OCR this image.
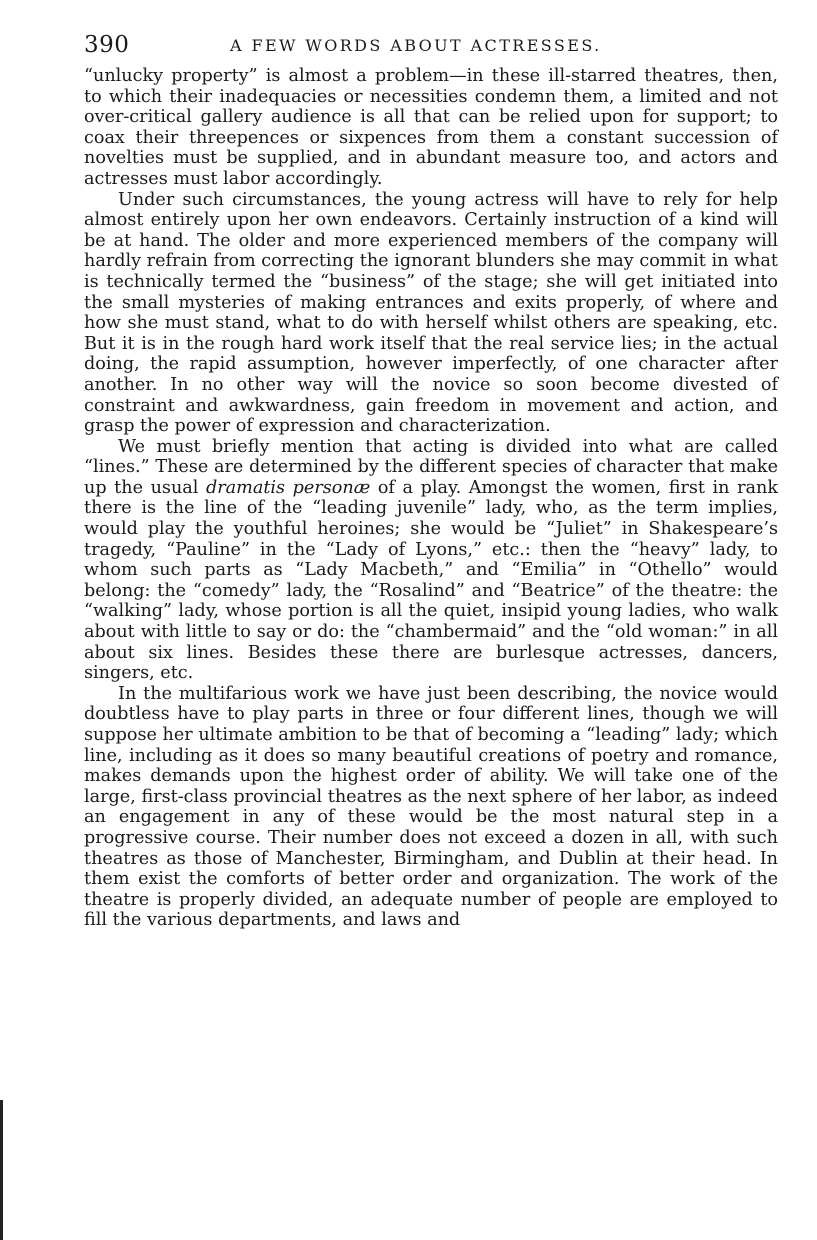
390	A FEW WORDS ABOUT ACTRESSES.

“unlucky property” is almost a problem—in these ill-starred theatres, then, to which their inadequacies or necessities condemn them, a limited and not over-critical gallery audience is all that can be relied upon for support; to coax their threepences or sixpences from them a constant succession of novelties must be supplied, and in abundant measure too, and actors and actresses must labor accordingly.

Under such circumstances, the young actress will have to rely for help almost entirely upon her own endeavors. Certainly instruction of a kind will be at hand. The older and more experienced members of the company will hardly refrain from correcting the ignorant blunders she may commit in what is technically termed the “business” of the stage; she will get initiated into the small mysteries of making entrances and exits properly, of where and how she must stand, what to do with herself whilst others are speaking, etc. But it is in the rough hard work itself that the real service lies; in the actual doing, the rapid assumption, however imperfectly, of one character after another. In no other way will the novice so soon become divested of constraint and awkwardness, gain freedom in movement and action, and grasp the power of expression and characterization.

We must briefly mention that acting is divided into what are called “lines.” These are determined by the different species of character that make up the usual dramatis personæ of a play. Amongst the women, first in rank there is the line of the “leading juvenile” lady, who, as the term implies, would play the youthful heroines; she would be “Juliet” in Shakespeare’s tragedy, “Pauline” in the “Lady of Lyons,” etc.: then the “heavy” lady, to whom such parts as “Lady Macbeth,” and “Emilia” in “Othello” would belong: the “comedy” lady, the “Rosalind” and “Beatrice” of the theatre: the “walking” lady, whose portion is all the quiet, insipid young ladies, who walk about with little to say or do: the “chambermaid” and the “old woman:” in all about six lines. Besides these there are burlesque actresses, dancers, singers, etc.

In the multifarious work we have just been describing, the novice would doubtless have to play parts in three or four different lines, though we will suppose her ultimate ambition to be that of becoming a “leading” lady; which line, including as it does so many beautiful creations of poetry and romance, makes demands upon the highest order of ability. We will take one of the large, first-class provincial theatres as the next sphere of her labor, as indeed an engagement in any of these would be the most natural step in a progressive course. Their number does not exceed a dozen in all, with such theatres as those of Manchester, Birmingham, and Dublin at their head. In them exist the comforts of better order and organization. The work of the theatre is properly divided, an adequate number of people are employed to fill the various departments, and laws and
